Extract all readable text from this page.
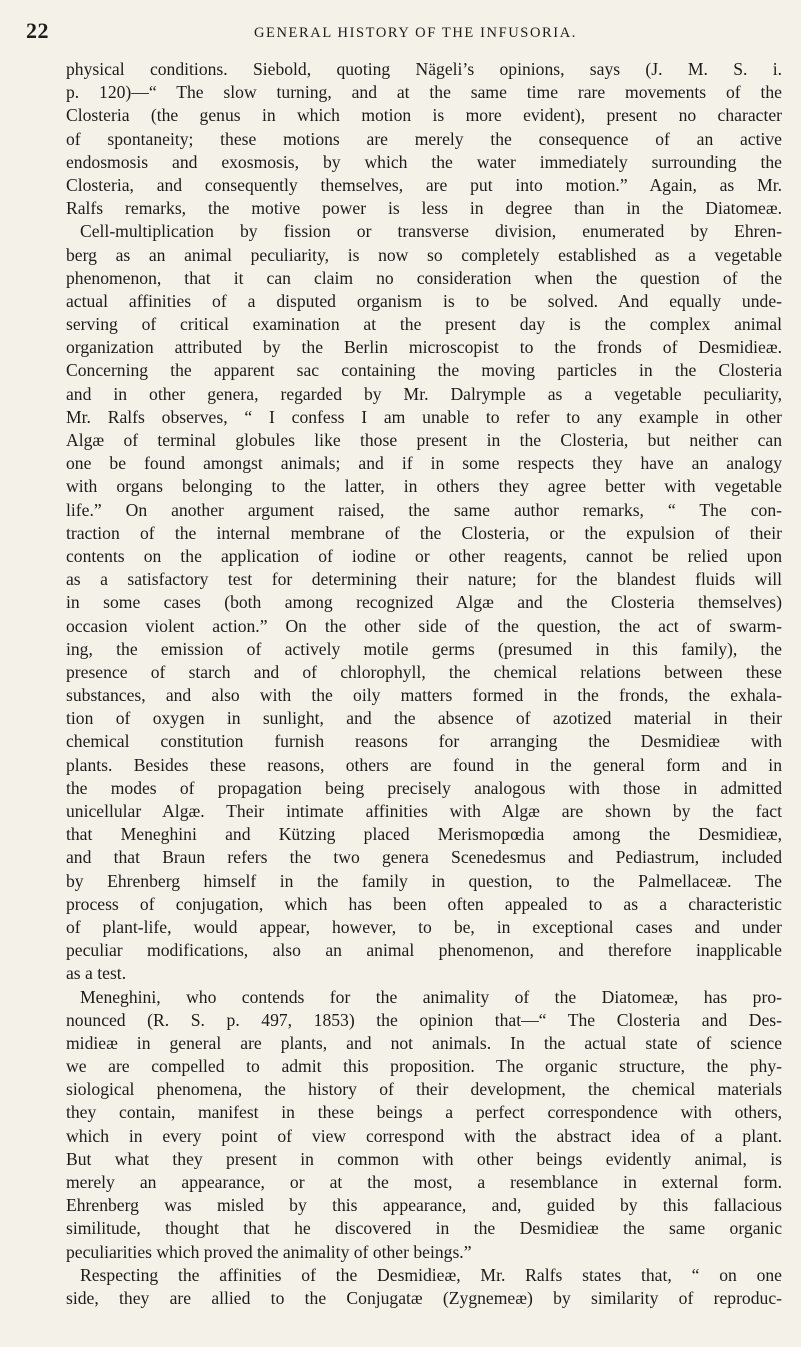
22	GENERAL HISTORY OF THE INFUSORIA.
physical conditions. Siebold, quoting Nägeli’s opinions, says (J. M. S. i.
p. 120)—“ The slow turning, and at the same time rare movements of the
Closteria (the genus in which motion is more evident), present no character
of spontaneity; these motions are merely the consequence of an active
endosmosis and exosmosis, by which the water immediately surrounding the
Closteria, and consequently themselves, are put into motion.” Again, as Mr.
Ralfs remarks, the motive power is less in degree than in the Diatomeæ.
Cell-multiplication by fission or transverse division, enumerated by Ehren-
berg as an animal peculiarity, is now so completely established as a vegetable
phenomenon, that it can claim no consideration when the question of the
actual affinities of a disputed organism is to be solved. And equally unde-
serving of critical examination at the present day is the complex animal
organization attributed by the Berlin microscopist to the fronds of Desmidieæ.
Concerning the apparent sac containing the moving particles in the Closteria
and in other genera, regarded by Mr. Dalrymple as a vegetable peculiarity,
Mr. Ralfs observes, “ I confess I am unable to refer to any example in other
Algæ of terminal globules like those present in the Closteria, but neither can
one be found amongst animals; and if in some respects they have an analogy
with organs belonging to the latter, in others they agree better with vegetable
life.” On another argument raised, the same author remarks, “ The con-
traction of the internal membrane of the Closteria, or the expulsion of their
contents on the application of iodine or other reagents, cannot be relied upon
as a satisfactory test for determining their nature; for the blandest fluids will
in some cases (both among recognized Algæ and the Closteria themselves)
occasion violent action.” On the other side of the question, the act of swarm-
ing, the emission of actively motile germs (presumed in this family), the
presence of starch and of chlorophyll, the chemical relations between these
substances, and also with the oily matters formed in the fronds, the exhala-
tion of oxygen in sunlight, and the absence of azotized material in their
chemical constitution furnish reasons for arranging the Desmidieæ with
plants. Besides these reasons, others are found in the general form and in
the modes of propagation being precisely analogous with those in admitted
unicellular Algæ. Their intimate affinities with Algæ are shown by the fact
that Meneghini and Kützing placed Merismopœdia among the Desmidieæ,
and that Braun refers the two genera Scenedesmus and Pediastrum, included
by Ehrenberg himself in the family in question, to the Palmellaceæ. The
process of conjugation, which has been often appealed to as a characteristic
of plant-life, would appear, however, to be, in exceptional cases and under
peculiar modifications, also an animal phenomenon, and therefore inapplicable
as a test.
Meneghini, who contends for the animality of the Diatomeæ, has pro-
nounced (R. S. p. 497, 1853) the opinion that—“ The Closteria and Des-
midieæ in general are plants, and not animals. In the actual state of science
we are compelled to admit this proposition. The organic structure, the phy-
siological phenomena, the history of their development, the chemical materials
they contain, manifest in these beings a perfect correspondence with others,
which in every point of view correspond with the abstract idea of a plant.
But what they present in common with other beings evidently animal, is
merely an appearance, or at the most, a resemblance in external form.
Ehrenberg was misled by this appearance, and, guided by this fallacious
similitude, thought that he discovered in the Desmidieæ the same organic
peculiarities which proved the animality of other beings.”
Respecting the affinities of the Desmidieæ, Mr. Ralfs states that, “ on one
side, they are allied to the Conjugatæ (Zygnemeæ) by similarity of reproduc-
